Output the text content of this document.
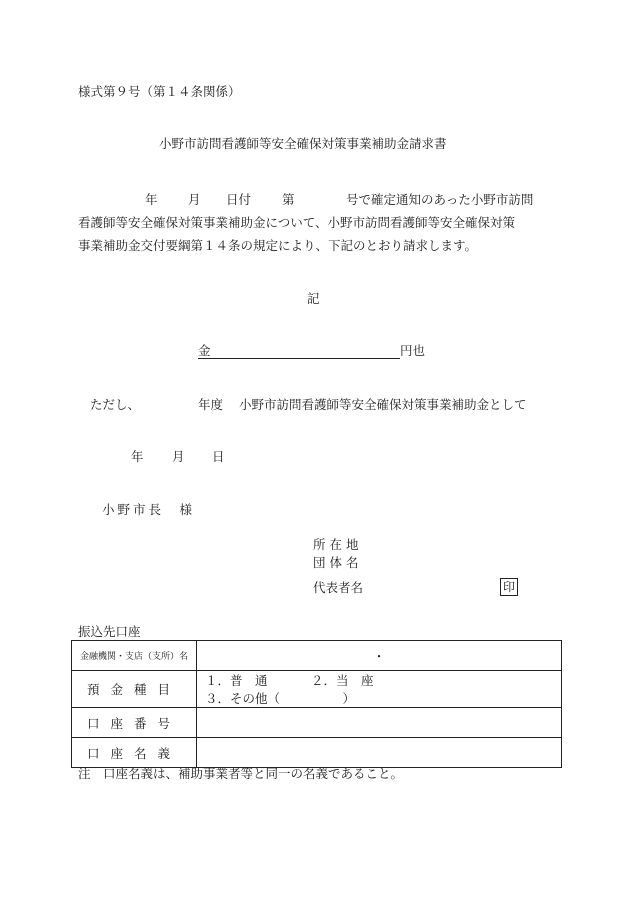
様式第９号（第１４条関係）
小野市訪問看護師等安全確保対策事業補助金請求書
年 月 日付 第	号で確定通知のあった小野市訪問
看護師等安全確保対策事業補助金について、小野市訪問看護師等安全確保対策
事業補助金交付要綱第１４条の規定により、下記のとおり請求します。
記
金	円也
ただし、	年度 小野市訪問看護師等安全確保対策事業補助金として
年 月 日
小野市長　様
所在地
団体名
代表者名	印
振込先口座
金融機関・支店（支所）名	・
預金種目	１．普　通 ２．当　座３．その他（　　　　　）
口座番号	
口座名義	
注　口座名義は、補助事業者等と同一の名義であること。
